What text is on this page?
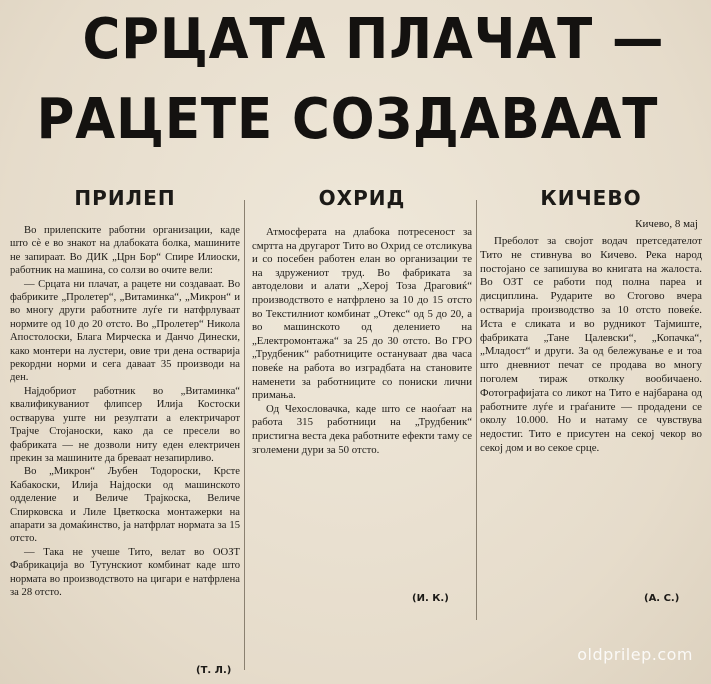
СРЦАТА ПЛАЧАТ —
РАЦЕТЕ СОЗДАВААТ
ПРИЛЕП

Во прилепските работни организации, каде што сѐ е во знакот на длабоката болка, машините не запираат. Во ДИК „Црн Бор“ Спире Илиоски, работник на машина, со солзи во очите вели:

— Срцата ни плачат, а рацете ни создаваат. Во фабриките „Пролетер“, „Витаминка“, „Микрон“ и во многу други работните луѓе ги натфрлуваат нормите од 10 до 20 отсто. Во „Пролетер“ Никола Апостолоски, Блага Мирческа и Данчо Динески, како монтери на лустери, овие три дена остварија рекордни норми и сега даваат 35 производи на ден.

Најдобриот работник во „Витаминка“ квалификуваниот флипсер Илија Костоски остварува уште ни резултати а електричарот Трајче Стојаноски, како да се пресели во фабриката — не дозволи ниту еден електричен прекин за машините да бреваат незапирливо.

Во „Микрон“ Љубен Тодороски, Крсте Кабакоски, Илија Најдоски од машинското одделение и Величе Трајкоска, Величе Спирковска и Лиле Цветкоска монтажерки на апарати за домаќинство, ја натфрлат нормата за 15 отсто.

— Така не учеше Тито, велат во ООЗТ Фабрикација во Тутунскиот комбинат каде што нормата во производството на цигари е натфрлена за 28 отсто.

ОХРИД

Атмосферата на длабока потресеност за смртта на другарот Тито во Охрид се отсликува и со посебен работен елан во организации те на здружениот труд. Во фабриката за автоделови и алати „Херој Тоза Драговиќ“ производството е натфрлено за 10 до 15 отсто во Текстилниот комбинат „Отекс“ од 5 до 20, а во машинското од делението на „Електромонтажа“ за 25 до 30 отсто. Во ГРО „Трудбеник“ работниците остануваат два часа повеќе на работа во изградбата на становите наменети за работниците со пониски лични примања.

Од Чехословачка, каде што се наоѓаат на работа 315 работници на „Трудбеник“ пристигна веста дека работните ефекти таму се зголемени дури за 50 отсто.

КИЧЕВО
Кичево, 8 мај

Преболот за својот водач претседателот Тито не стивнува во Кичево. Река народ постојано се запишува во книгата на жалоста. Во ОЗТ се работи под полна пареа и дисциплина. Рударите во Стогово вчера остварија производство за 10 отсто повеќе. Иста е сликата и во рудникот Тајмиште, фабриката „Тане Цалевски“, „Копачка“, „Младост“ и други. За од бележување е и тоа што дневниот печат се продава во многу поголем тираж отколку вообичаено. Фотографијата со ликот на Тито е најбарана од работните луѓе и граѓаните — продадени се околу 10.000. Но и натаму се чувствува недостиг. Тито е присутен на секој чекор во секој дом и во секое срце.

(Т. Л.)
(И. К.)	(А. С.)
oldprilep.com
